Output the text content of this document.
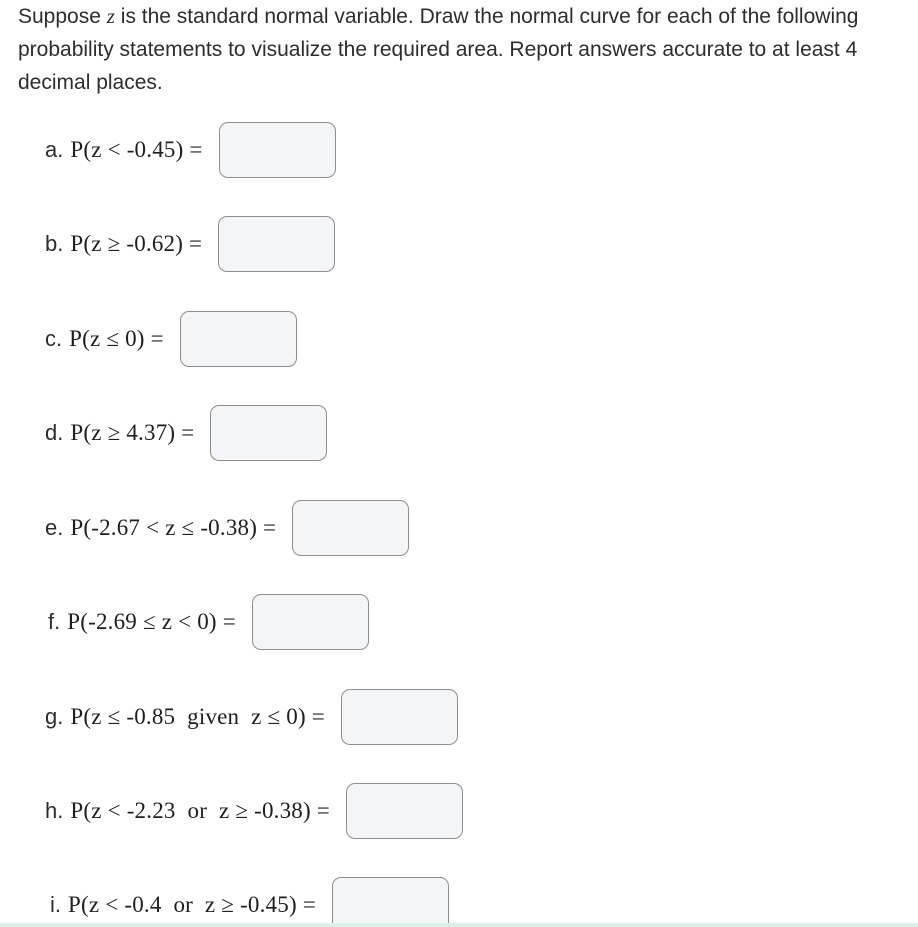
Suppose z is the standard normal variable. Draw the normal curve for each of the following probability statements to visualize the required area. Report answers accurate to at least 4 decimal places.
a. P(z < -0.45) =
b. P(z ≥ -0.62) =
c. P(z ≤ 0) =
d. P(z ≥ 4.37) =
e. P(-2.67 < z ≤ -0.38) =
f. P(-2.69 ≤ z < 0) =
g. P(z ≤ -0.85  given  z ≤ 0) =
h. P(z < -2.23  or  z ≥ -0.38) =
i. P(z < -0.4  or  z ≥ -0.45) =
